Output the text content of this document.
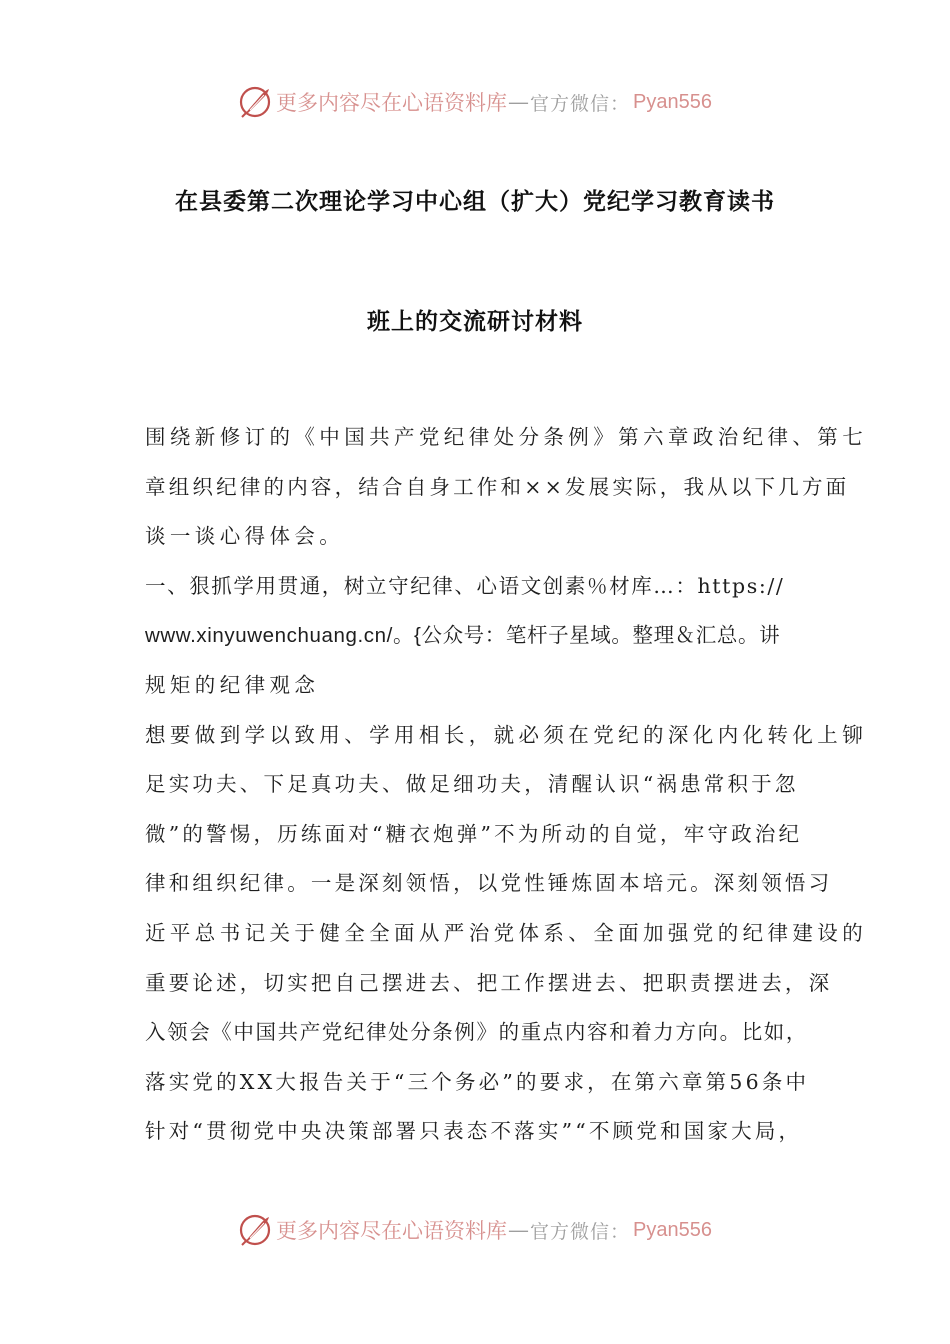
更多内容尽在心语资料库 — 官方微信： Pyan556
在县委第二次理论学习中心组（扩大）党纪学习教育读书
班上的交流研讨材料
围绕新修订的《中国共产党纪律处分条例》第六章政治纪律、第七
章组织纪律的内容，结合自身工作和××发展实际，我从以下几方面
谈一谈心得体会。
一、狠抓学用贯通，树立守纪律、心语文创素％材库…：https://
www.xinyuwenchuang.cn/。{公众号：笔杆子星域。整理＆汇总。讲
规矩的纪律观念
想要做到学以致用、学用相长，就必须在党纪的深化内化转化上铆
足实功夫、下足真功夫、做足细功夫，清醒认识“祸患常积于忽
微”的警惕，历练面对“糖衣炮弹”不为所动的自觉，牢守政治纪
律和组织纪律。一是深刻领悟，以党性锤炼固本培元。深刻领悟习
近平总书记关于健全全面从严治党体系、全面加强党的纪律建设的
重要论述，切实把自己摆进去、把工作摆进去、把职责摆进去，深
入领会《中国共产党纪律处分条例》的重点内容和着力方向。比如，
落实党的XX大报告关于“三个务必”的要求，在第六章第56条中
针对“贯彻党中央决策部署只表态不落实”“不顾党和国家大局，
更多内容尽在心语资料库 — 官方微信： Pyan556
